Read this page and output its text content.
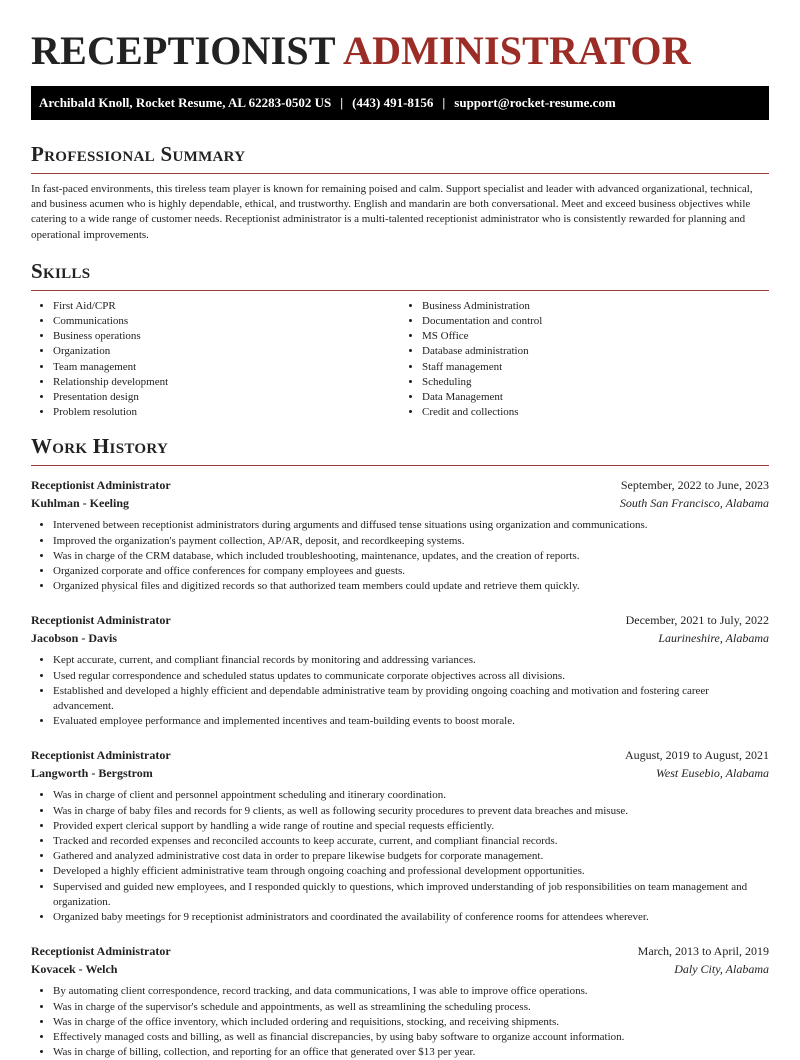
RECEPTIONIST ADMINISTRATOR
Archibald Knoll, Rocket Resume, AL 62283-0502 US | (443) 491-8156 | support@rocket-resume.com
Professional Summary

In fast-paced environments, this tireless team player is known for remaining poised and calm. Support specialist and leader with advanced organizational, technical, and business acumen who is highly dependable, ethical, and trustworthy. English and mandarin are both conversational. Meet and exceed business objectives while catering to a wide range of customer needs. Receptionist administrator is a multi-talented receptionist administrator who is consistently rewarded for planning and operational improvements.

Skills
• First Aid/CPR
• Communications
• Business operations
• Organization
• Team management
• Relationship development
• Presentation design
• Problem resolution
• Business Administration
• Documentation and control
• MS Office
• Database administration
• Staff management
• Scheduling
• Data Management
• Credit and collections
Work History
Receptionist Administrator	September, 2022 to June, 2023
Kuhlman - Keeling	South San Francisco, Alabama
• Intervened between receptionist administrators during arguments and diffused tense situations using organization and communications.
• Improved the organization's payment collection, AP/AR, deposit, and recordkeeping systems.
• Was in charge of the CRM database, which included troubleshooting, maintenance, updates, and the creation of reports.
• Organized corporate and office conferences for company employees and guests.
• Organized physical files and digitized records so that authorized team members could update and retrieve them quickly.
Receptionist Administrator	December, 2021 to July, 2022
Jacobson - Davis	Laurineshire, Alabama
• Kept accurate, current, and compliant financial records by monitoring and addressing variances.
• Used regular correspondence and scheduled status updates to communicate corporate objectives across all divisions.
• Established and developed a highly efficient and dependable administrative team by providing ongoing coaching and motivation and fostering career advancement.
• Evaluated employee performance and implemented incentives and team-building events to boost morale.
Receptionist Administrator	August, 2019 to August, 2021
Langworth - Bergstrom	West Eusebio, Alabama
• Was in charge of client and personnel appointment scheduling and itinerary coordination.
• Was in charge of baby files and records for 9 clients, as well as following security procedures to prevent data breaches and misuse.
• Provided expert clerical support by handling a wide range of routine and special requests efficiently.
• Tracked and recorded expenses and reconciled accounts to keep accurate, current, and compliant financial records.
• Gathered and analyzed administrative cost data in order to prepare likewise budgets for corporate management.
• Developed a highly efficient administrative team through ongoing coaching and professional development opportunities.
• Supervised and guided new employees, and I responded quickly to questions, which improved understanding of job responsibilities on team management and organization.
• Organized baby meetings for 9 receptionist administrators and coordinated the availability of conference rooms for attendees wherever.
Receptionist Administrator	March, 2013 to April, 2019
Kovacek - Welch	Daly City, Alabama
• By automating client correspondence, record tracking, and data communications, I was able to improve office operations.
• Was in charge of the supervisor's schedule and appointments, as well as streamlining the scheduling process.
• Was in charge of the office inventory, which included ordering and requisitions, stocking, and receiving shipments.
• Effectively managed costs and billing, as well as financial discrepancies, by using baby software to organize account information.
• Was in charge of billing, collection, and reporting for an office that generated over $13 per year.
